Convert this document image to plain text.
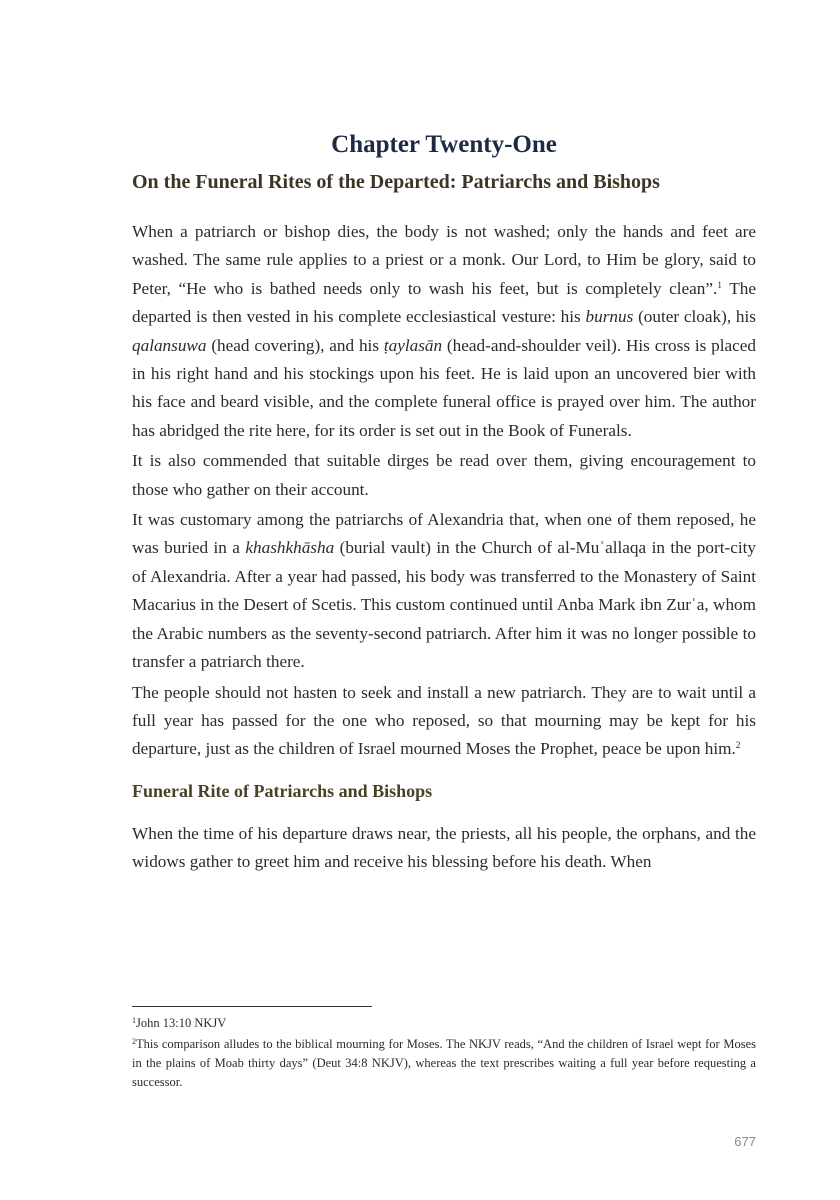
Chapter Twenty-One
On the Funeral Rites of the Departed: Patriarchs and Bishops

When a patriarch or bishop dies, the body is not washed; only the hands and feet are washed. The same rule applies to a priest or a monk. Our Lord, to Him be glory, said to Peter, “He who is bathed needs only to wash his feet, but is completely clean”.$^1$ The departed is then vested in his complete ecclesiastical vesture: his burnus (outer cloak), his qalansuwa (head covering), and his ṭaylasān (head-and-shoulder veil). His cross is placed in his right hand and his stockings upon his feet. He is laid upon an uncovered bier with his face and beard visible, and the complete funeral office is prayed over him. The author has abridged the rite here, for its order is set out in the Book of Funerals.

It is also commended that suitable dirges be read over them, giving encouragement to those who gather on their account.

It was customary among the patriarchs of Alexandria that, when one of them reposed, he was buried in a khashkhāsha (burial vault) in the Church of al-Muʿallaqa in the port-city of Alexandria. After a year had passed, his body was transferred to the Monastery of Saint Macarius in the Desert of Scetis. This custom continued until Anba Mark ibn Zurʿa, whom the Arabic numbers as the seventy-second patriarch. After him it was no longer possible to transfer a patriarch there.

The people should not hasten to seek and install a new patriarch. They are to wait until a full year has passed for the one who reposed, so that mourning may be kept for his departure, just as the children of Israel mourned Moses the Prophet, peace be upon him.$^2$

Funeral Rite of Patriarchs and Bishops

When the time of his departure draws near, the priests, all his people, the orphans, and the widows gather to greet him and receive his blessing before his death. When

$^1$John 13:10 NKJV

$^2$This comparison alludes to the biblical mourning for Moses. The NKJV reads, “And the children of Israel wept for Moses in the plains of Moab thirty days” (Deut 34:8 NKJV), whereas the text prescribes waiting a full year before requesting a successor.

677
